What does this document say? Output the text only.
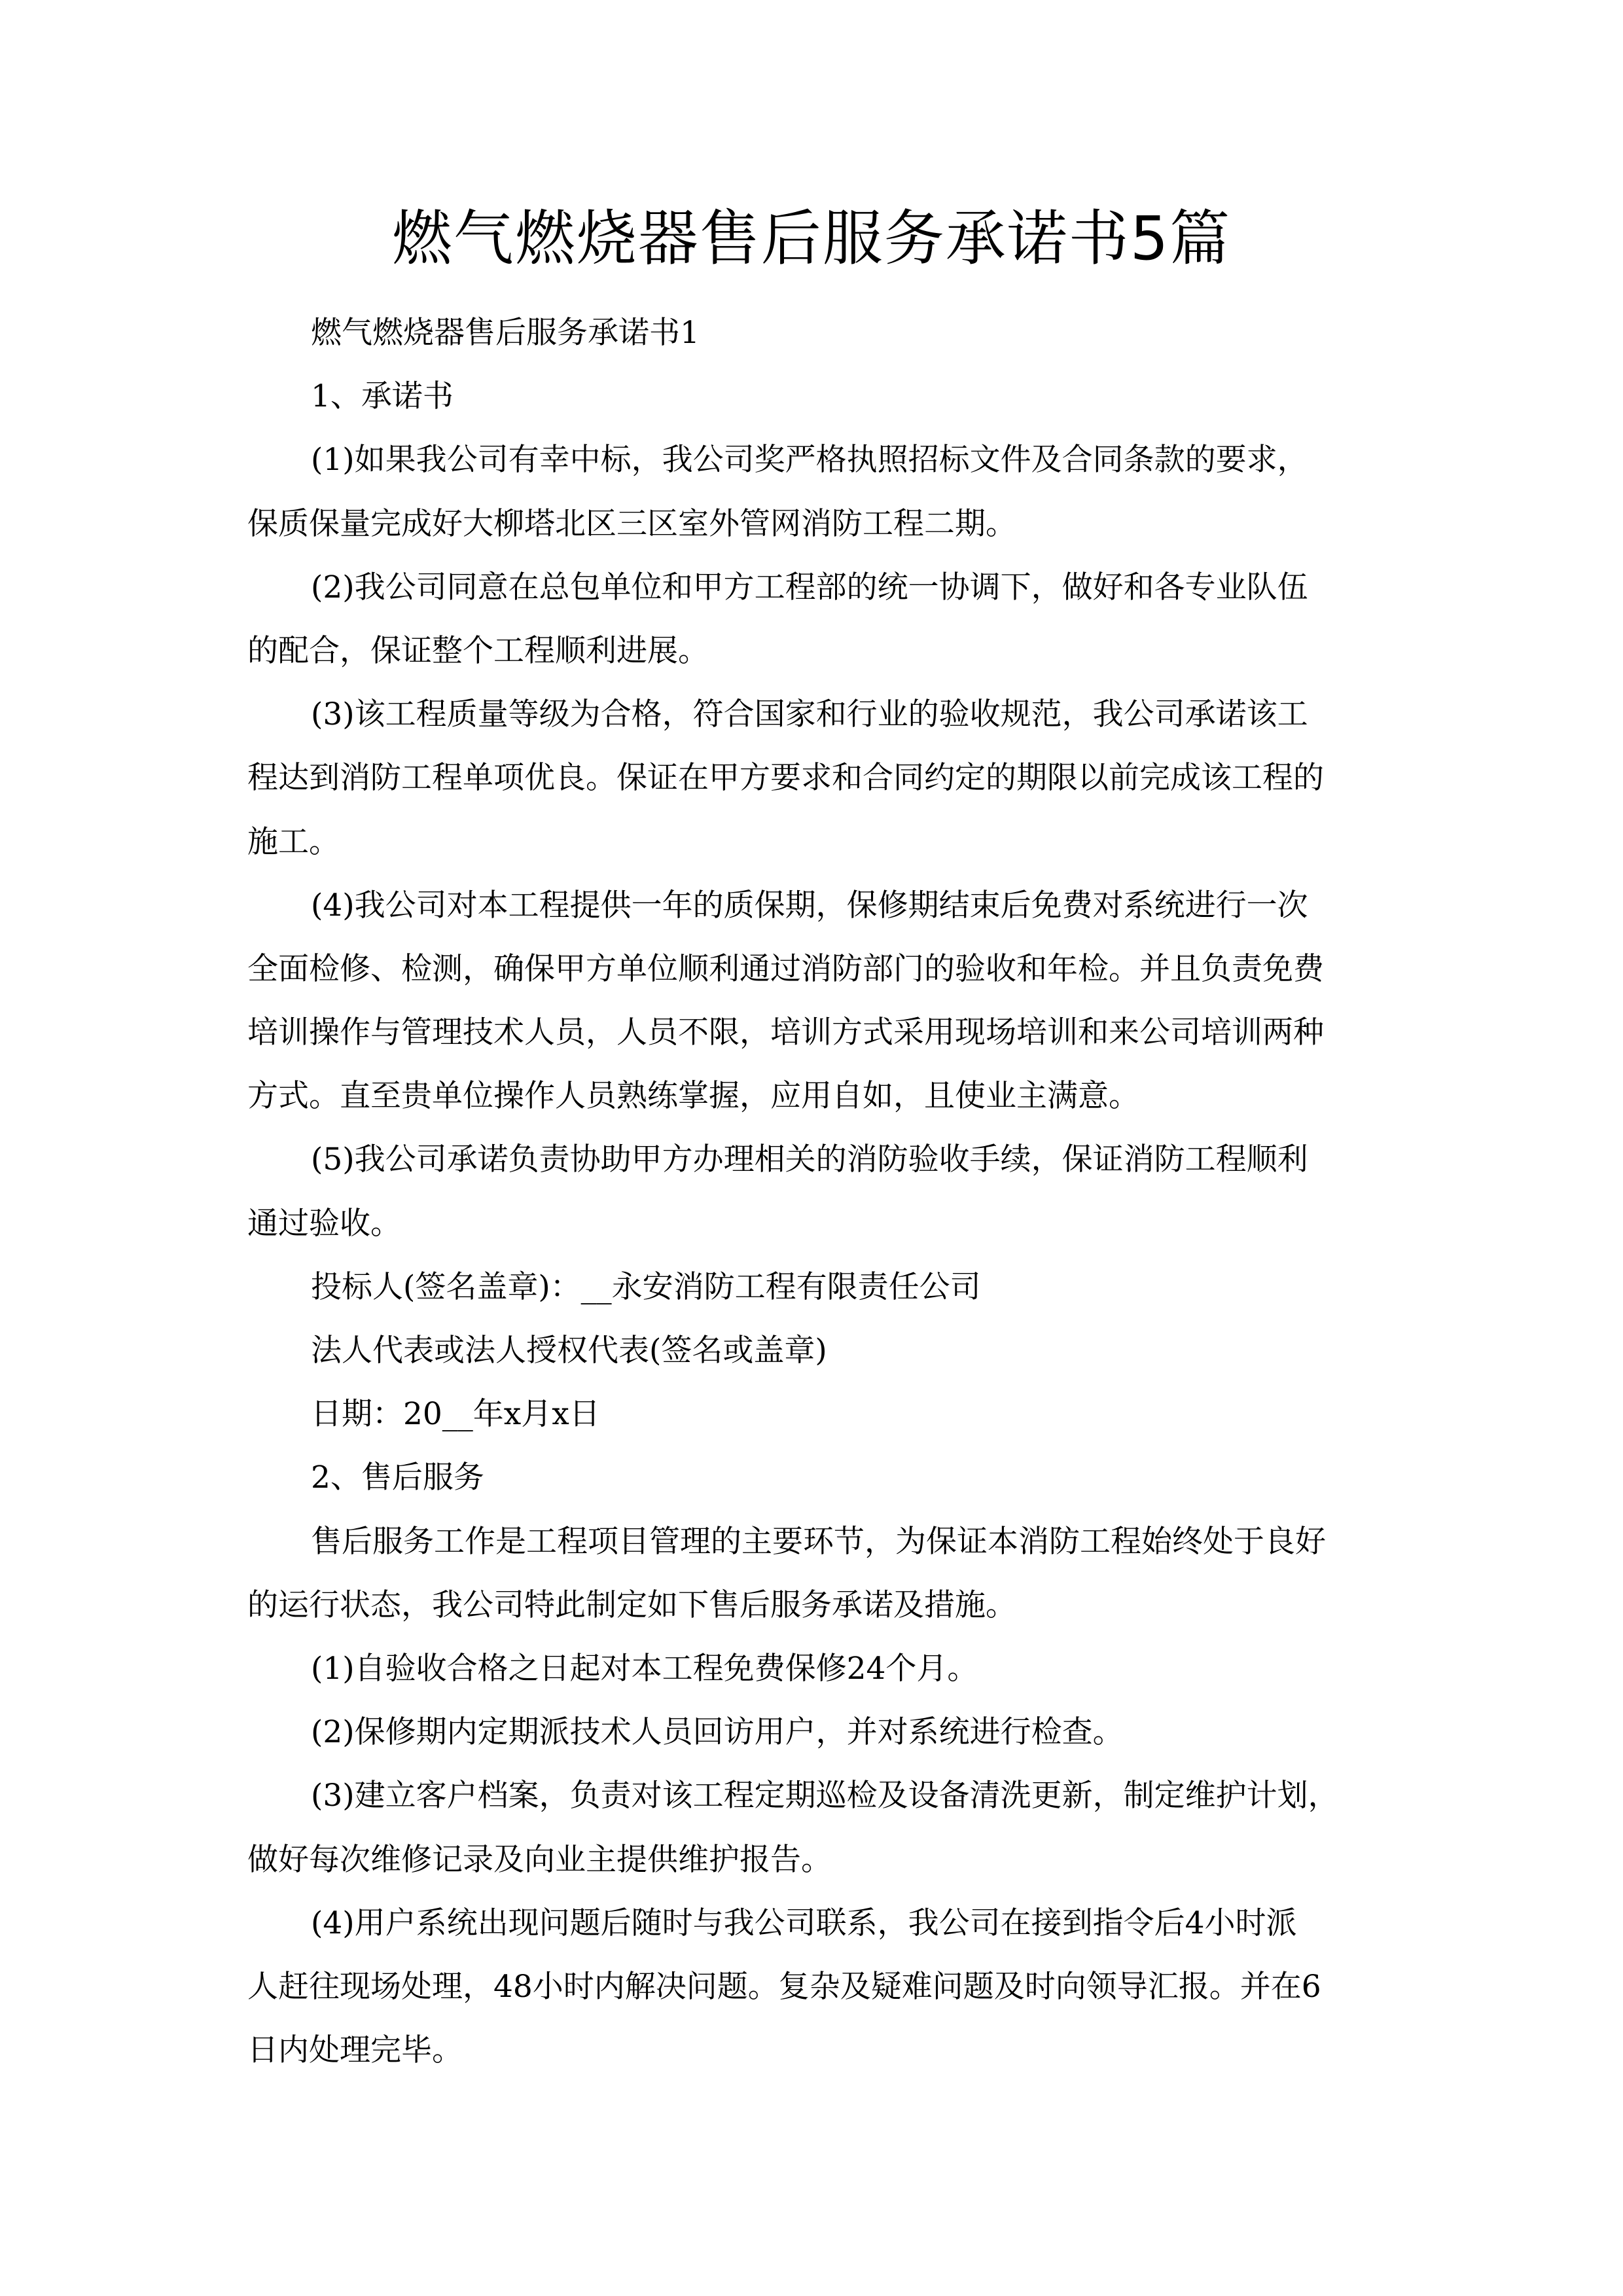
燃气燃烧器售后服务承诺书5篇
燃气燃烧器售后服务承诺书1
1、承诺书
(1)如果我公司有幸中标，我公司奖严格执照招标文件及合同条款的要求，
保质保量完成好大柳塔北区三区室外管网消防工程二期。
(2)我公司同意在总包单位和甲方工程部的统一协调下，做好和各专业队伍
的配合，保证整个工程顺利进展。
(3)该工程质量等级为合格，符合国家和行业的验收规范，我公司承诺该工
程达到消防工程单项优良。保证在甲方要求和合同约定的期限以前完成该工程的
施工。
(4)我公司对本工程提供一年的质保期，保修期结束后免费对系统进行一次
全面检修、检测，确保甲方单位顺利通过消防部门的验收和年检。并且负责免费
培训操作与管理技术人员，人员不限，培训方式采用现场培训和来公司培训两种
方式。直至贵单位操作人员熟练掌握，应用自如，且使业主满意。
(5)我公司承诺负责协助甲方办理相关的消防验收手续，保证消防工程顺利
通过验收。
投标人(签名盖章)：__永安消防工程有限责任公司
法人代表或法人授权代表(签名或盖章)
日期：20__年x月x日
2、售后服务
售后服务工作是工程项目管理的主要环节，为保证本消防工程始终处于良好
的运行状态，我公司特此制定如下售后服务承诺及措施。
(1)自验收合格之日起对本工程免费保修24个月。
(2)保修期内定期派技术人员回访用户，并对系统进行检查。
(3)建立客户档案，负责对该工程定期巡检及设备清洗更新，制定维护计划，
做好每次维修记录及向业主提供维护报告。
(4)用户系统出现问题后随时与我公司联系，我公司在接到指令后4小时派
人赶往现场处理，48小时内解决问题。复杂及疑难问题及时向领导汇报。并在6
日内处理完毕。
